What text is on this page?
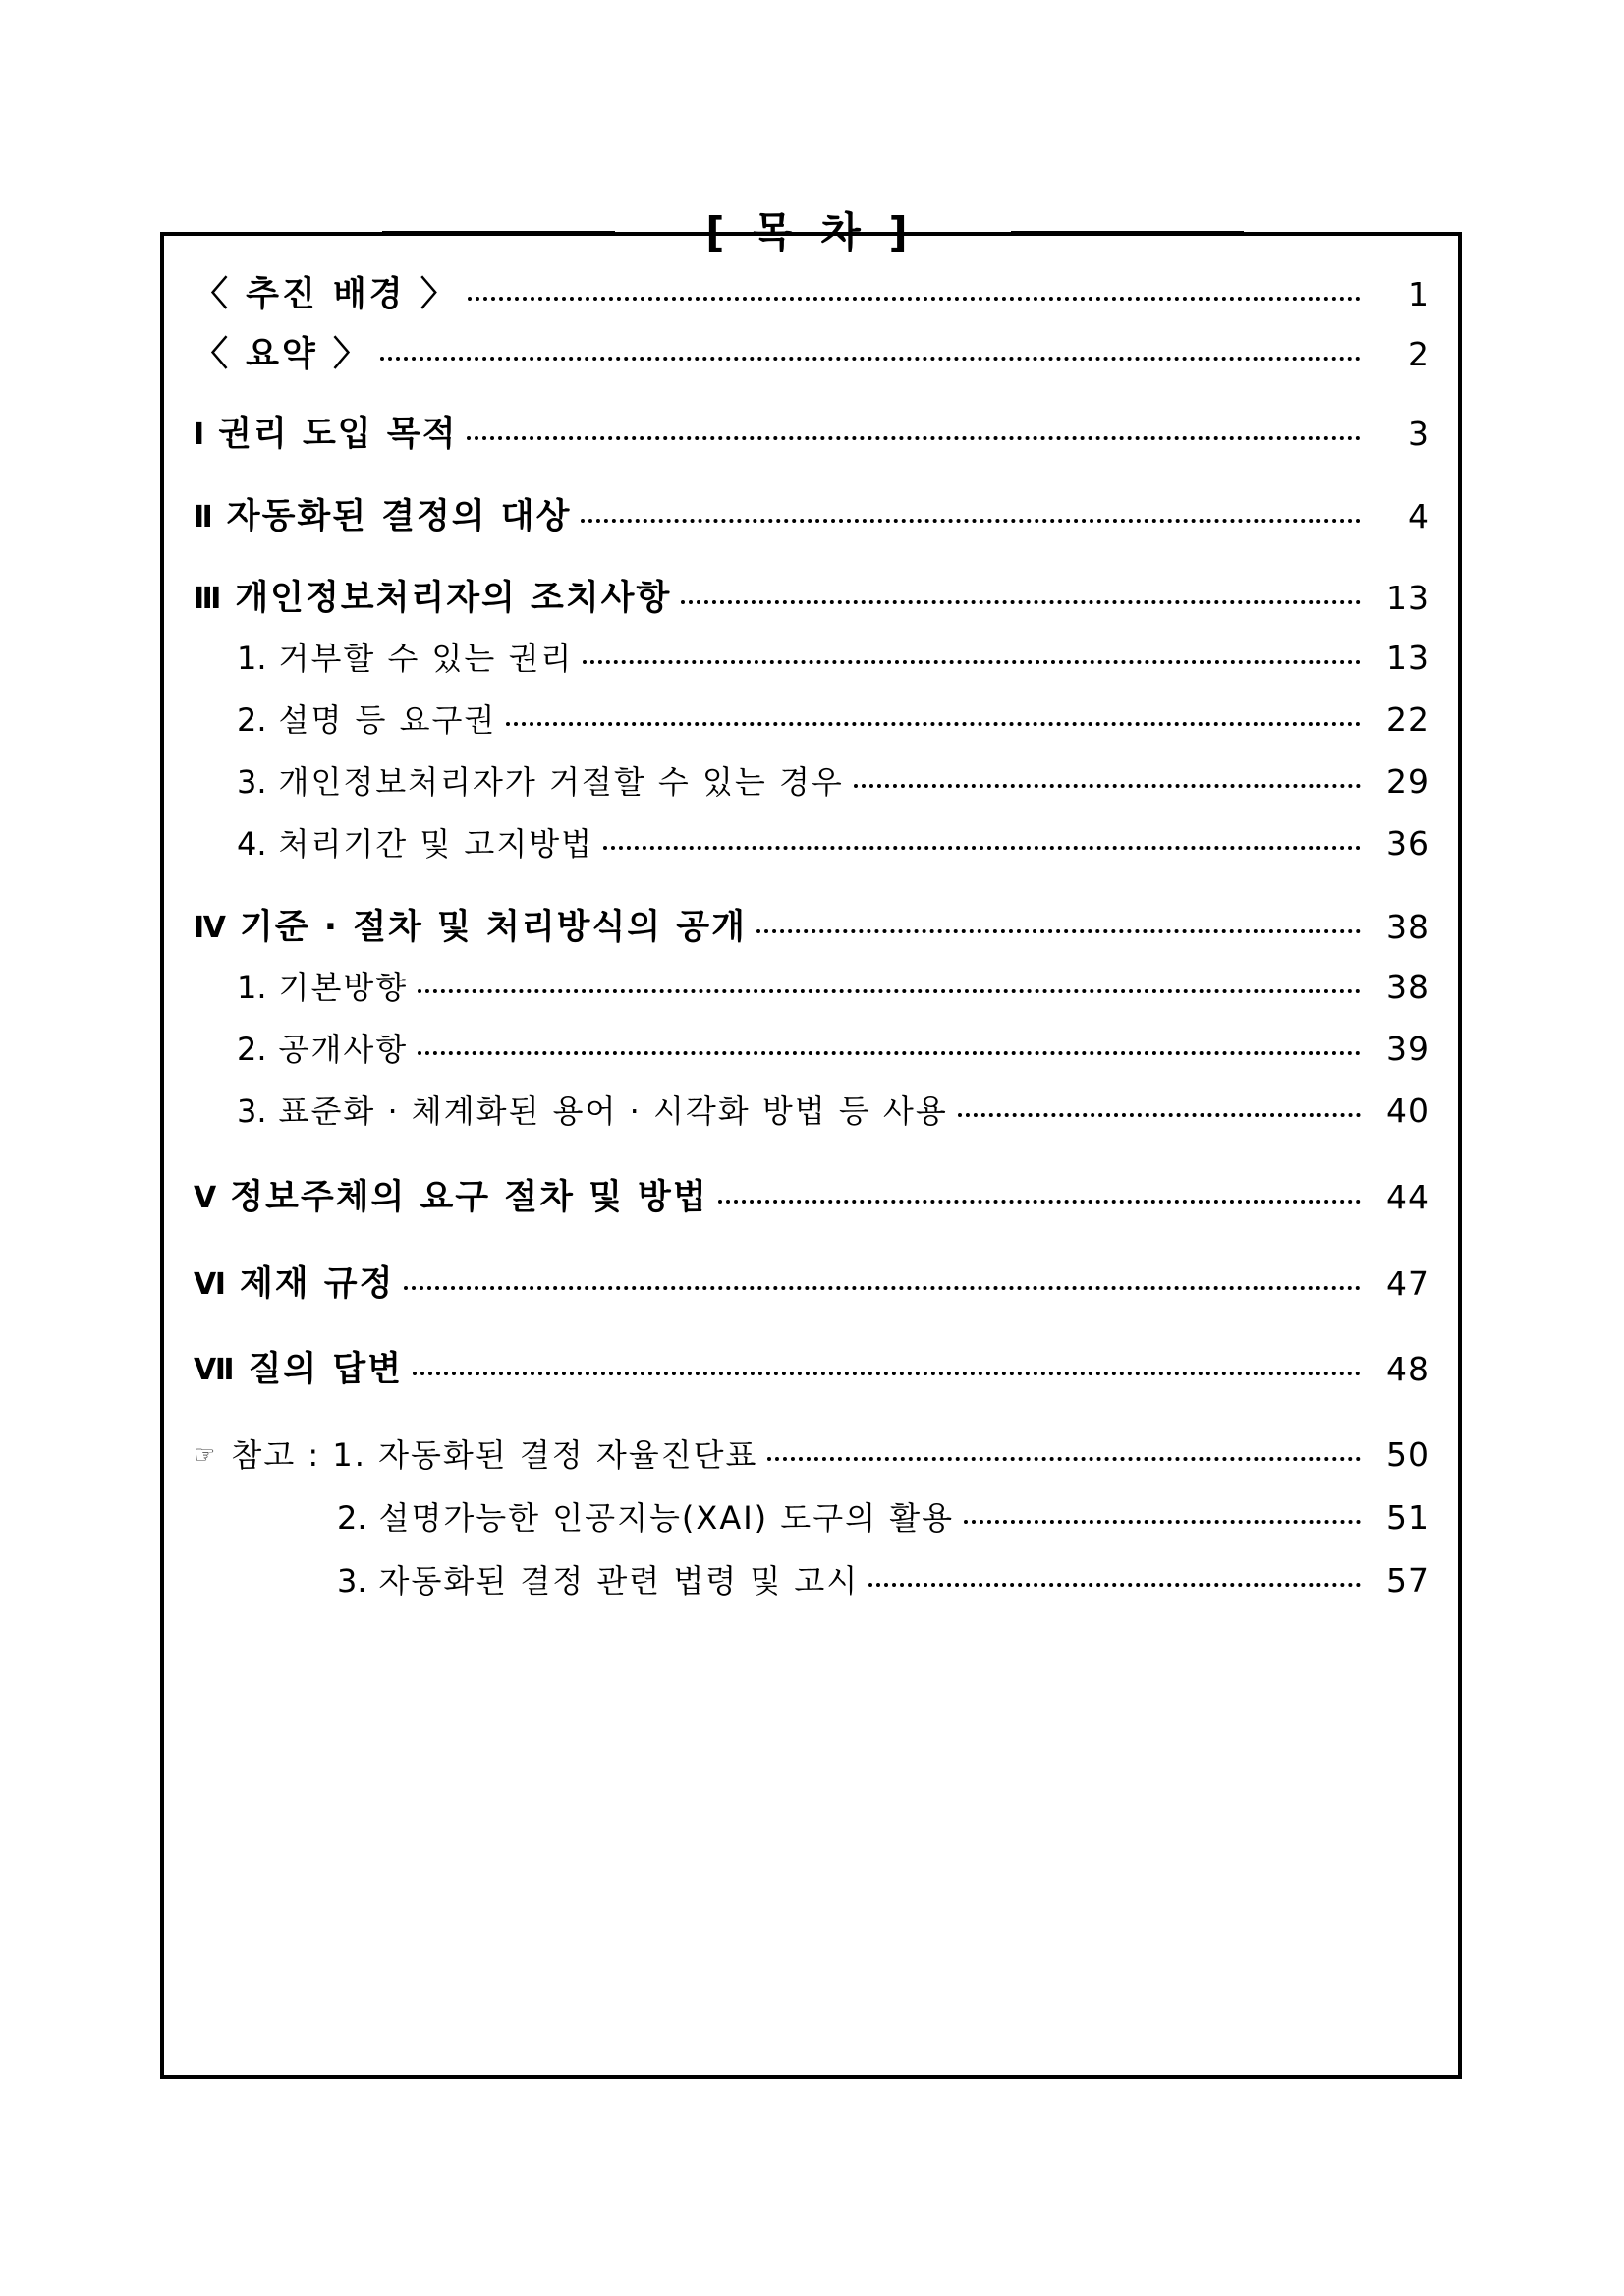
[ 목 차 ]
〈 추진 배경 〉	1
〈 요약 〉	2
Ⅰ 권리 도입 목적	3
Ⅱ 자동화된 결정의 대상	4
Ⅲ 개인정보처리자의 조치사항	13
1. 거부할 수 있는 권리	13
2. 설명 등 요구권	22
3. 개인정보처리자가 거절할 수 있는 경우	29
4. 처리기간 및 고지방법	36
Ⅳ 기준 · 절차 및 처리방식의 공개	38
1. 기본방향	38
2. 공개사항	39
3. 표준화 · 체계화된 용어 · 시각화 방법 등 사용	40
Ⅴ 정보주체의 요구 절차 및 방법	44
Ⅵ 제재 규정	47
Ⅶ 질의 답변	48
☞ 참고 : 1. 자동화된 결정 자율진단표	50
2. 설명가능한 인공지능(XAI) 도구의 활용	51
3. 자동화된 결정 관련 법령 및 고시	57
